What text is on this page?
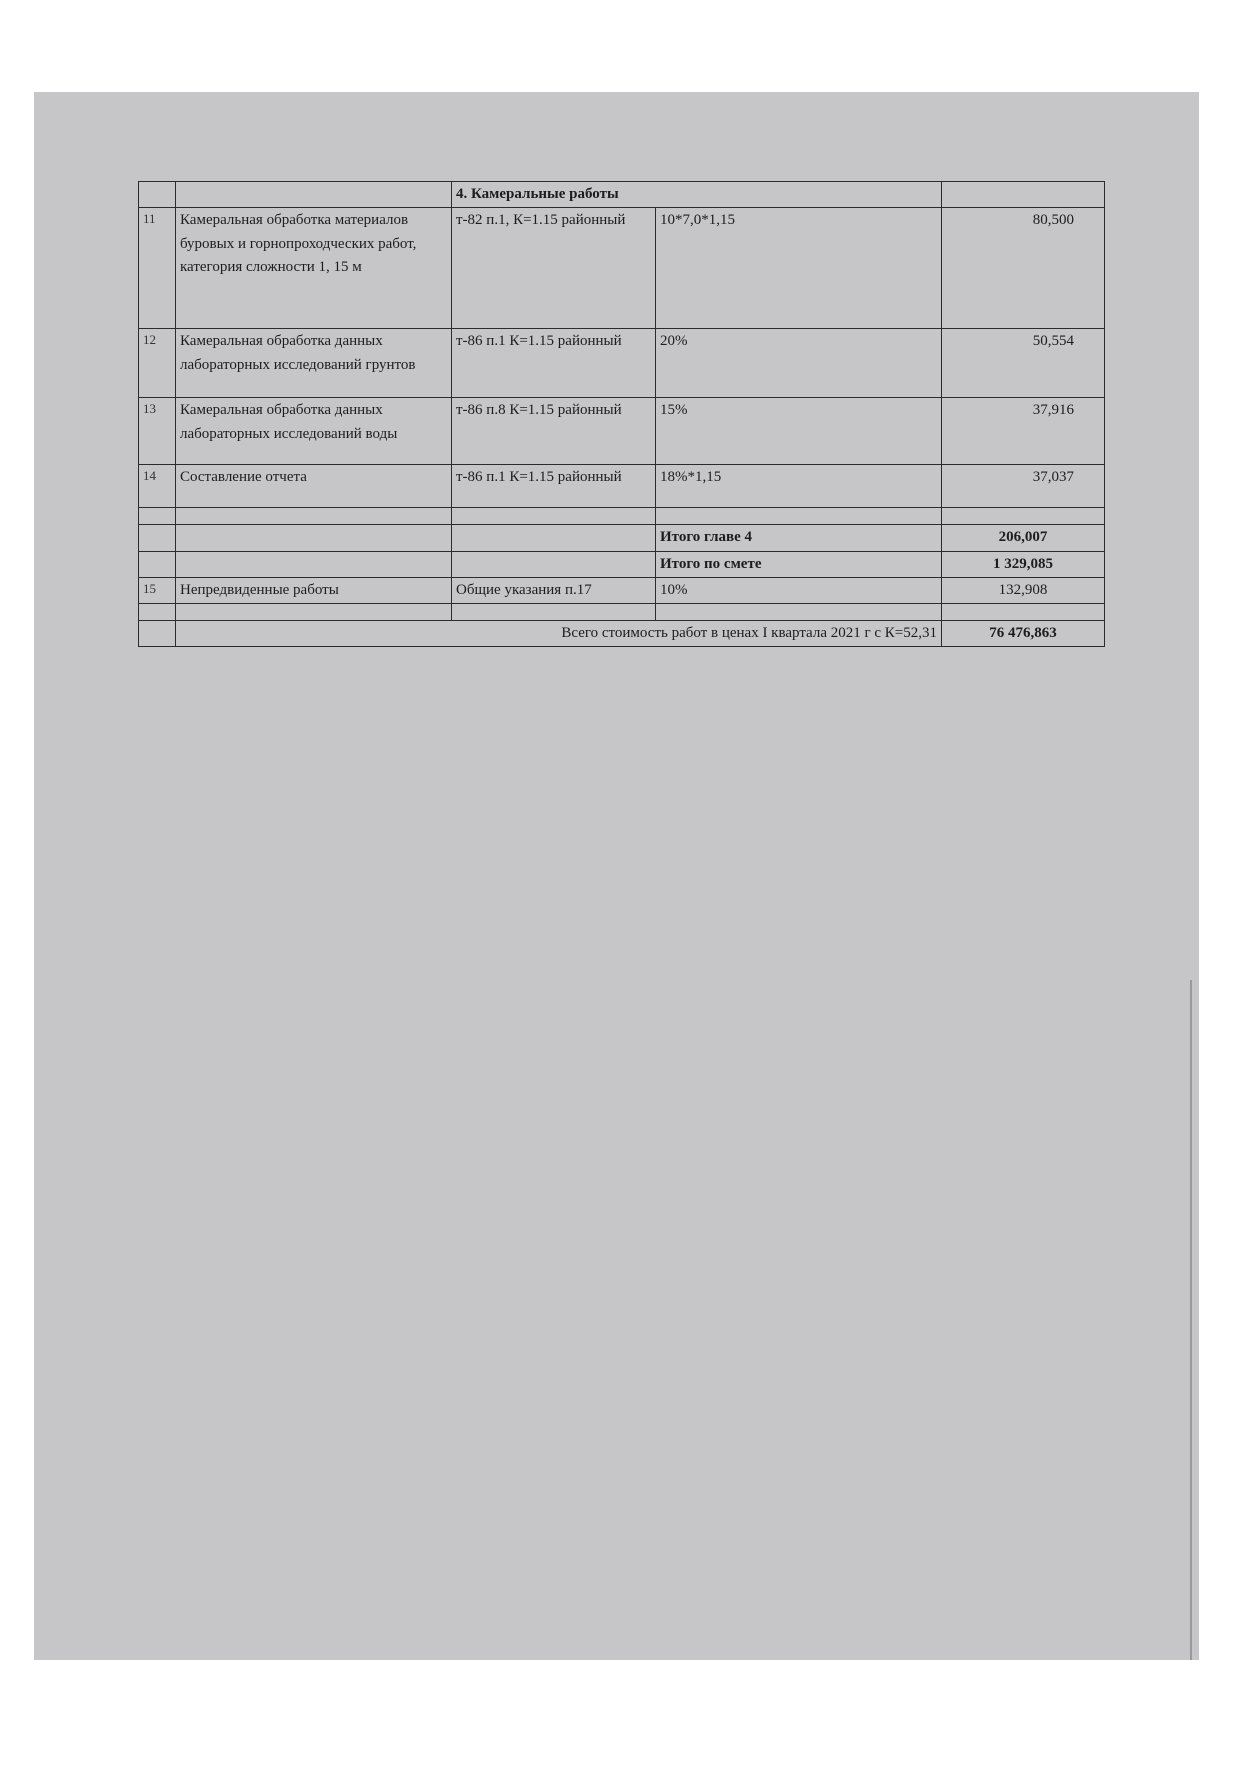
		4. Камеральные работы		
11	Камеральная обработка материалов буровых и горнопроходческих работ, категория сложности 1, 15 м	т-82 п.1, К=1.15 районный	10*7,0*1,15	80,500
12	Камеральная обработка данных лабораторных исследований грунтов	т-86 п.1 К=1.15 районный	20%	50,554
13	Камеральная обработка данных лабораторных исследований воды	т-86 п.8 К=1.15 районный	15%	37,916
14	Составление отчета	т-86 п.1 К=1.15 районный	18%*1,15	37,037

			Итого главе 4	206,007
			Итого по смете	1 329,085
15	Непредвиденные работы	Общие указания п.17	10%	132,908

	Всего стоимость работ в ценах I квартала 2021 г с К=52,31			76 476,863
